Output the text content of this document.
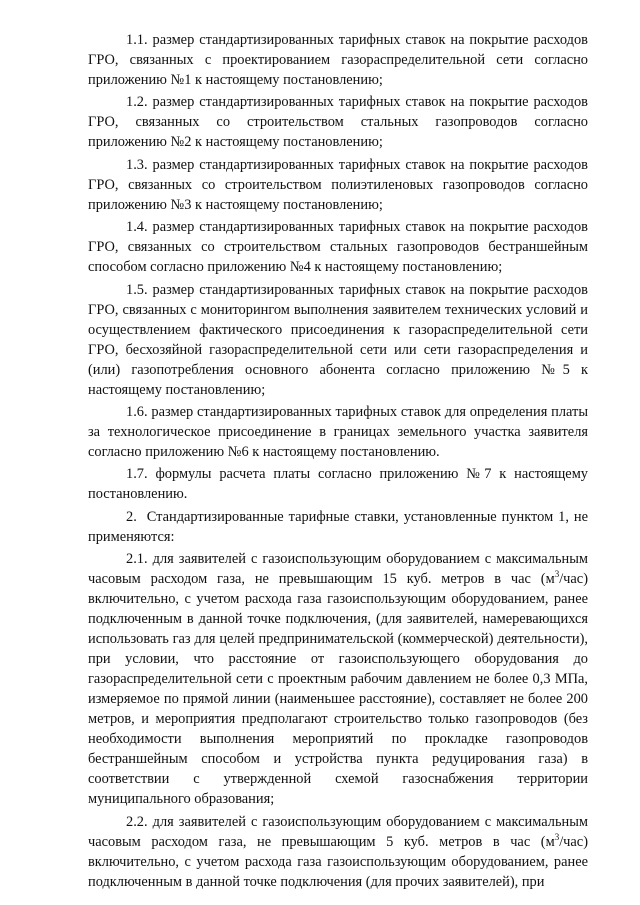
1.1. размер стандартизированных тарифных ставок на покрытие расходов ГРО, связанных с проектированием газораспределительной сети согласно приложению №1 к настоящему постановлению;

1.2. размер стандартизированных тарифных ставок на покрытие расходов ГРО, связанных со строительством стальных газопроводов согласно приложению №2 к настоящему постановлению;

1.3. размер стандартизированных тарифных ставок на покрытие расходов ГРО, связанных со строительством полиэтиленовых газопроводов согласно приложению №3 к настоящему постановлению;

1.4. размер стандартизированных тарифных ставок на покрытие расходов ГРО, связанных со строительством стальных газопроводов бестраншейным способом согласно приложению №4 к настоящему постановлению;

1.5. размер стандартизированных тарифных ставок на покрытие расходов ГРО, связанных с мониторингом выполнения заявителем технических условий и осуществлением фактического присоединения к газораспределительной сети ГРО, бесхозяйной газораспределительной сети или сети газораспределения и (или) газопотребления основного абонента согласно приложению №5 к настоящему постановлению;

1.6. размер стандартизированных тарифных ставок для определения платы за технологическое присоединение в границах земельного участка заявителя согласно приложению №6 к настоящему постановлению.

1.7. формулы расчета платы согласно приложению №7 к настоящему постановлению.

2. Стандартизированные тарифные ставки, установленные пунктом 1, не применяются:

2.1. для заявителей с газоиспользующим оборудованием с максимальным часовым расходом газа, не превышающим 15 куб. метров в час $(м^3/час)$ включительно, с учетом расхода газа газоиспользующим оборудованием, ранее подключенным в данной точке подключения, (для заявителей, намеревающихся использовать газ для целей предпринимательской (коммерческой) деятельности), при условии, что расстояние от газоиспользующего оборудования до газораспределительной сети с проектным рабочим давлением не более 0,3 МПа, измеряемое по прямой линии (наименьшее расстояние), составляет не более 200 метров, и мероприятия предполагают строительство только газопроводов (без необходимости выполнения мероприятий по прокладке газопроводов бестраншейным способом и устройства пункта редуцирования газа) в соответствии с утвержденной схемой газоснабжения территории муниципального образования;

2.2. для заявителей с газоиспользующим оборудованием с максимальным часовым расходом газа, не превышающим 5 куб. метров в час $(м^3/час)$ включительно, с учетом расхода газа газоиспользующим оборудованием, ранее подключенным в данной точке подключения (для прочих заявителей), при
